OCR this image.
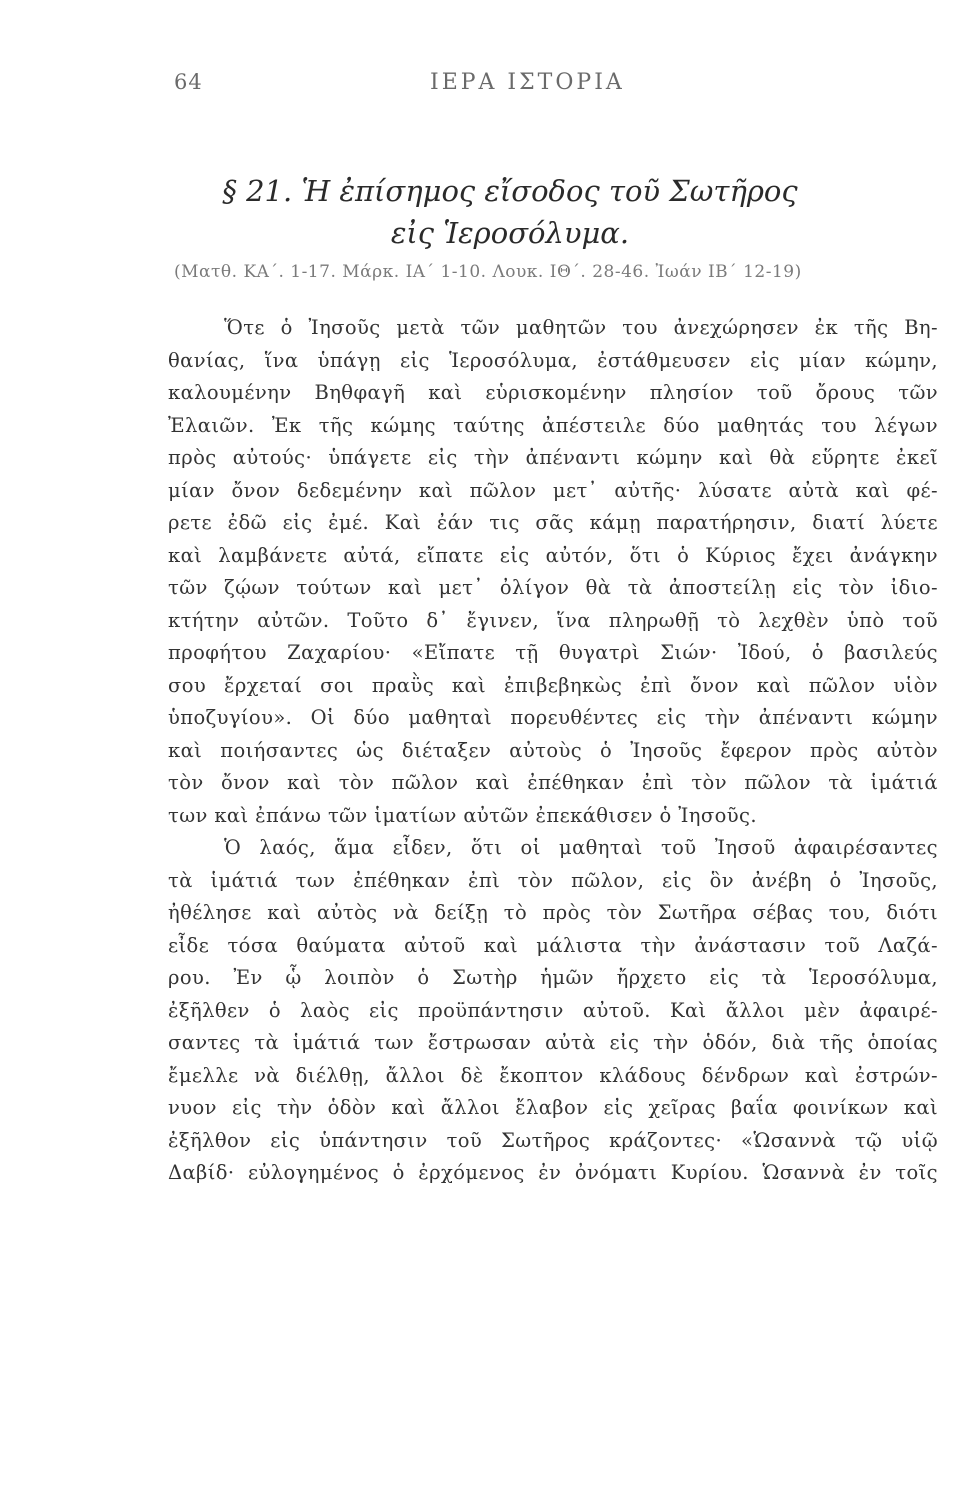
64	ΙΕΡΑ ΙΣΤΟΡΙΑ
§ 21. Ἡ ἐπίσημος εἴσοδος τοῦ Σωτῆρος
εἰς Ἱεροσόλυμα.
(Ματθ. ΚΑ΄. 1-17. Μάρκ. ΙΑ΄ 1-10. Λουκ. ΙΘ΄. 28-46. Ἰωάν ΙΒ΄ 12-19)
Ὅτε ὁ Ἰησοῦς μετὰ τῶν μαθητῶν του ἀνεχώρησεν ἐκ τῆς Βη-
θανίας, ἵνα ὑπάγῃ εἰς Ἱεροσόλυμα, ἐστάθμευσεν εἰς μίαν κώμην,
καλουμένην Βηθφαγῆ καὶ εὑρισκομένην πλησίον τοῦ ὄρους τῶν
Ἐλαιῶν. Ἐκ τῆς κώμης ταύτης ἀπέστειλε δύο μαθητάς του λέγων
πρὸς αὐτούς· ὑπάγετε εἰς τὴν ἀπέναντι κώμην καὶ θὰ εὕρητε ἐκεῖ
μίαν ὄνον δεδεμένην καὶ πῶλον μετ᾿ αὐτῆς· λύσατε αὐτὰ καὶ φέ-
ρετε ἐδῶ εἰς ἐμέ. Καὶ ἐάν τις σᾶς κάμῃ παρατήρησιν, διατί λύετε
καὶ λαμβάνετε αὐτά, εἴπατε εἰς αὐτόν, ὅτι ὁ Κύριος ἔχει ἀνάγκην
τῶν ζῴων τούτων καὶ μετ᾿ ὀλίγον θὰ τὰ ἀποστείλῃ εἰς τὸν ἰδιο-
κτήτην αὐτῶν. Τοῦτο δ᾿ ἔγινεν, ἵνα πληρωθῇ τὸ λεχθὲν ὑπὸ τοῦ
προφήτου Ζαχαρίου· «Εἴπατε τῇ θυγατρὶ Σιών· Ἰδού, ὁ βασιλεύς
σου ἔρχεταί σοι πραῢς καὶ ἐπιβεβηκὼς ἐπὶ ὄνον καὶ πῶλον υἱὸν
ὑποζυγίου». Οἱ δύο μαθηταὶ πορευθέντες εἰς τὴν ἀπέναντι κώμην
καὶ ποιήσαντες ὡς διέταξεν αὐτοὺς ὁ Ἰησοῦς ἔφερον πρὸς αὐτὸν
τὸν ὄνον καὶ τὸν πῶλον καὶ ἐπέθηκαν ἐπὶ τὸν πῶλον τὰ ἱμάτιά
των καὶ ἐπάνω τῶν ἱματίων αὐτῶν ἐπεκάθισεν ὁ Ἰησοῦς.
Ὁ λαός, ἅμα εἶδεν, ὅτι οἱ μαθηταὶ τοῦ Ἰησοῦ ἀφαιρέσαντες
τὰ ἱμάτιά των ἐπέθηκαν ἐπὶ τὸν πῶλον, εἰς ὃν ἀνέβη ὁ Ἰησοῦς,
ἠθέλησε καὶ αὐτὸς νὰ δείξῃ τὸ πρὸς τὸν Σωτῆρα σέβας του, διότι
εἶδε τόσα θαύματα αὐτοῦ καὶ μάλιστα τὴν ἀνάστασιν τοῦ Λαζά-
ρου. Ἐν ᾧ λοιπὸν ὁ Σωτὴρ ἡμῶν ἤρχετο εἰς τὰ Ἱεροσόλυμα,
ἐξῆλθεν ὁ λαὸς εἰς προϋπάντησιν αὐτοῦ. Καὶ ἄλλοι μὲν ἀφαιρέ-
σαντες τὰ ἱμάτιά των ἔστρωσαν αὐτὰ εἰς τὴν ὁδόν, διὰ τῆς ὁποίας
ἔμελλε νὰ διέλθῃ, ἄλλοι δὲ ἔκοπτον κλάδους δένδρων καὶ ἐστρών-
νυον εἰς τὴν ὁδὸν καὶ ἄλλοι ἔλαβον εἰς χεῖρας βαΐα φοινίκων καὶ
ἐξῆλθον εἰς ὑπάντησιν τοῦ Σωτῆρος κράζοντες· «Ὡσαννὰ τῷ υἱῷ
Δαβίδ· εὐλογημένος ὁ ἐρχόμενος ἐν ὀνόματι Κυρίου. Ὡσαννὰ ἐν τοῖς
